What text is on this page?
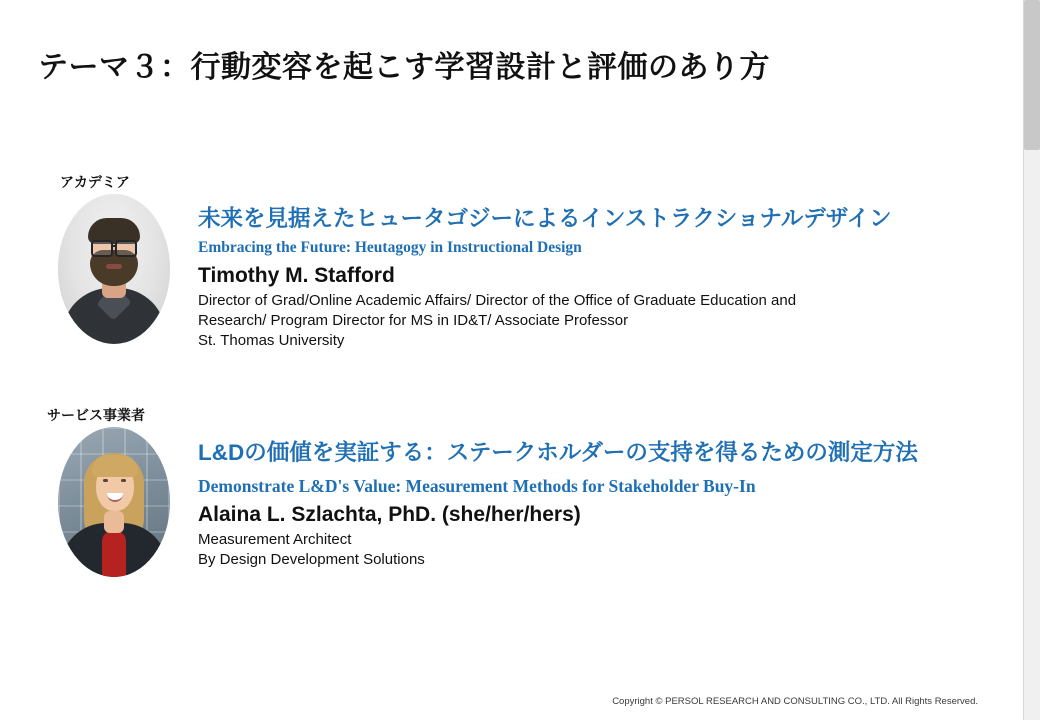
テーマ３：行動変容を起こす学習設計と評価のあり方
アカデミア
未来を見据えたヒュータゴジーによるインストラクショナルデザイン
Embracing the Future: Heutagogy in Instructional Design
Timothy M. Stafford
Director of Grad/Online Academic Affairs/ Director of the Office of Graduate Education and
Research/ Program Director for MS in ID&T/ Associate Professor
St. Thomas University
サービス事業者
L&Dの価値を実証する：ステークホルダーの支持を得るための測定方法
Demonstrate L&D's Value: Measurement Methods for Stakeholder Buy-In
Alaina L. Szlachta, PhD. (she/her/hers)
Measurement Architect
By Design Development Solutions
Copyright © PERSOL RESEARCH AND CONSULTING CO., LTD. All Rights Reserved.
